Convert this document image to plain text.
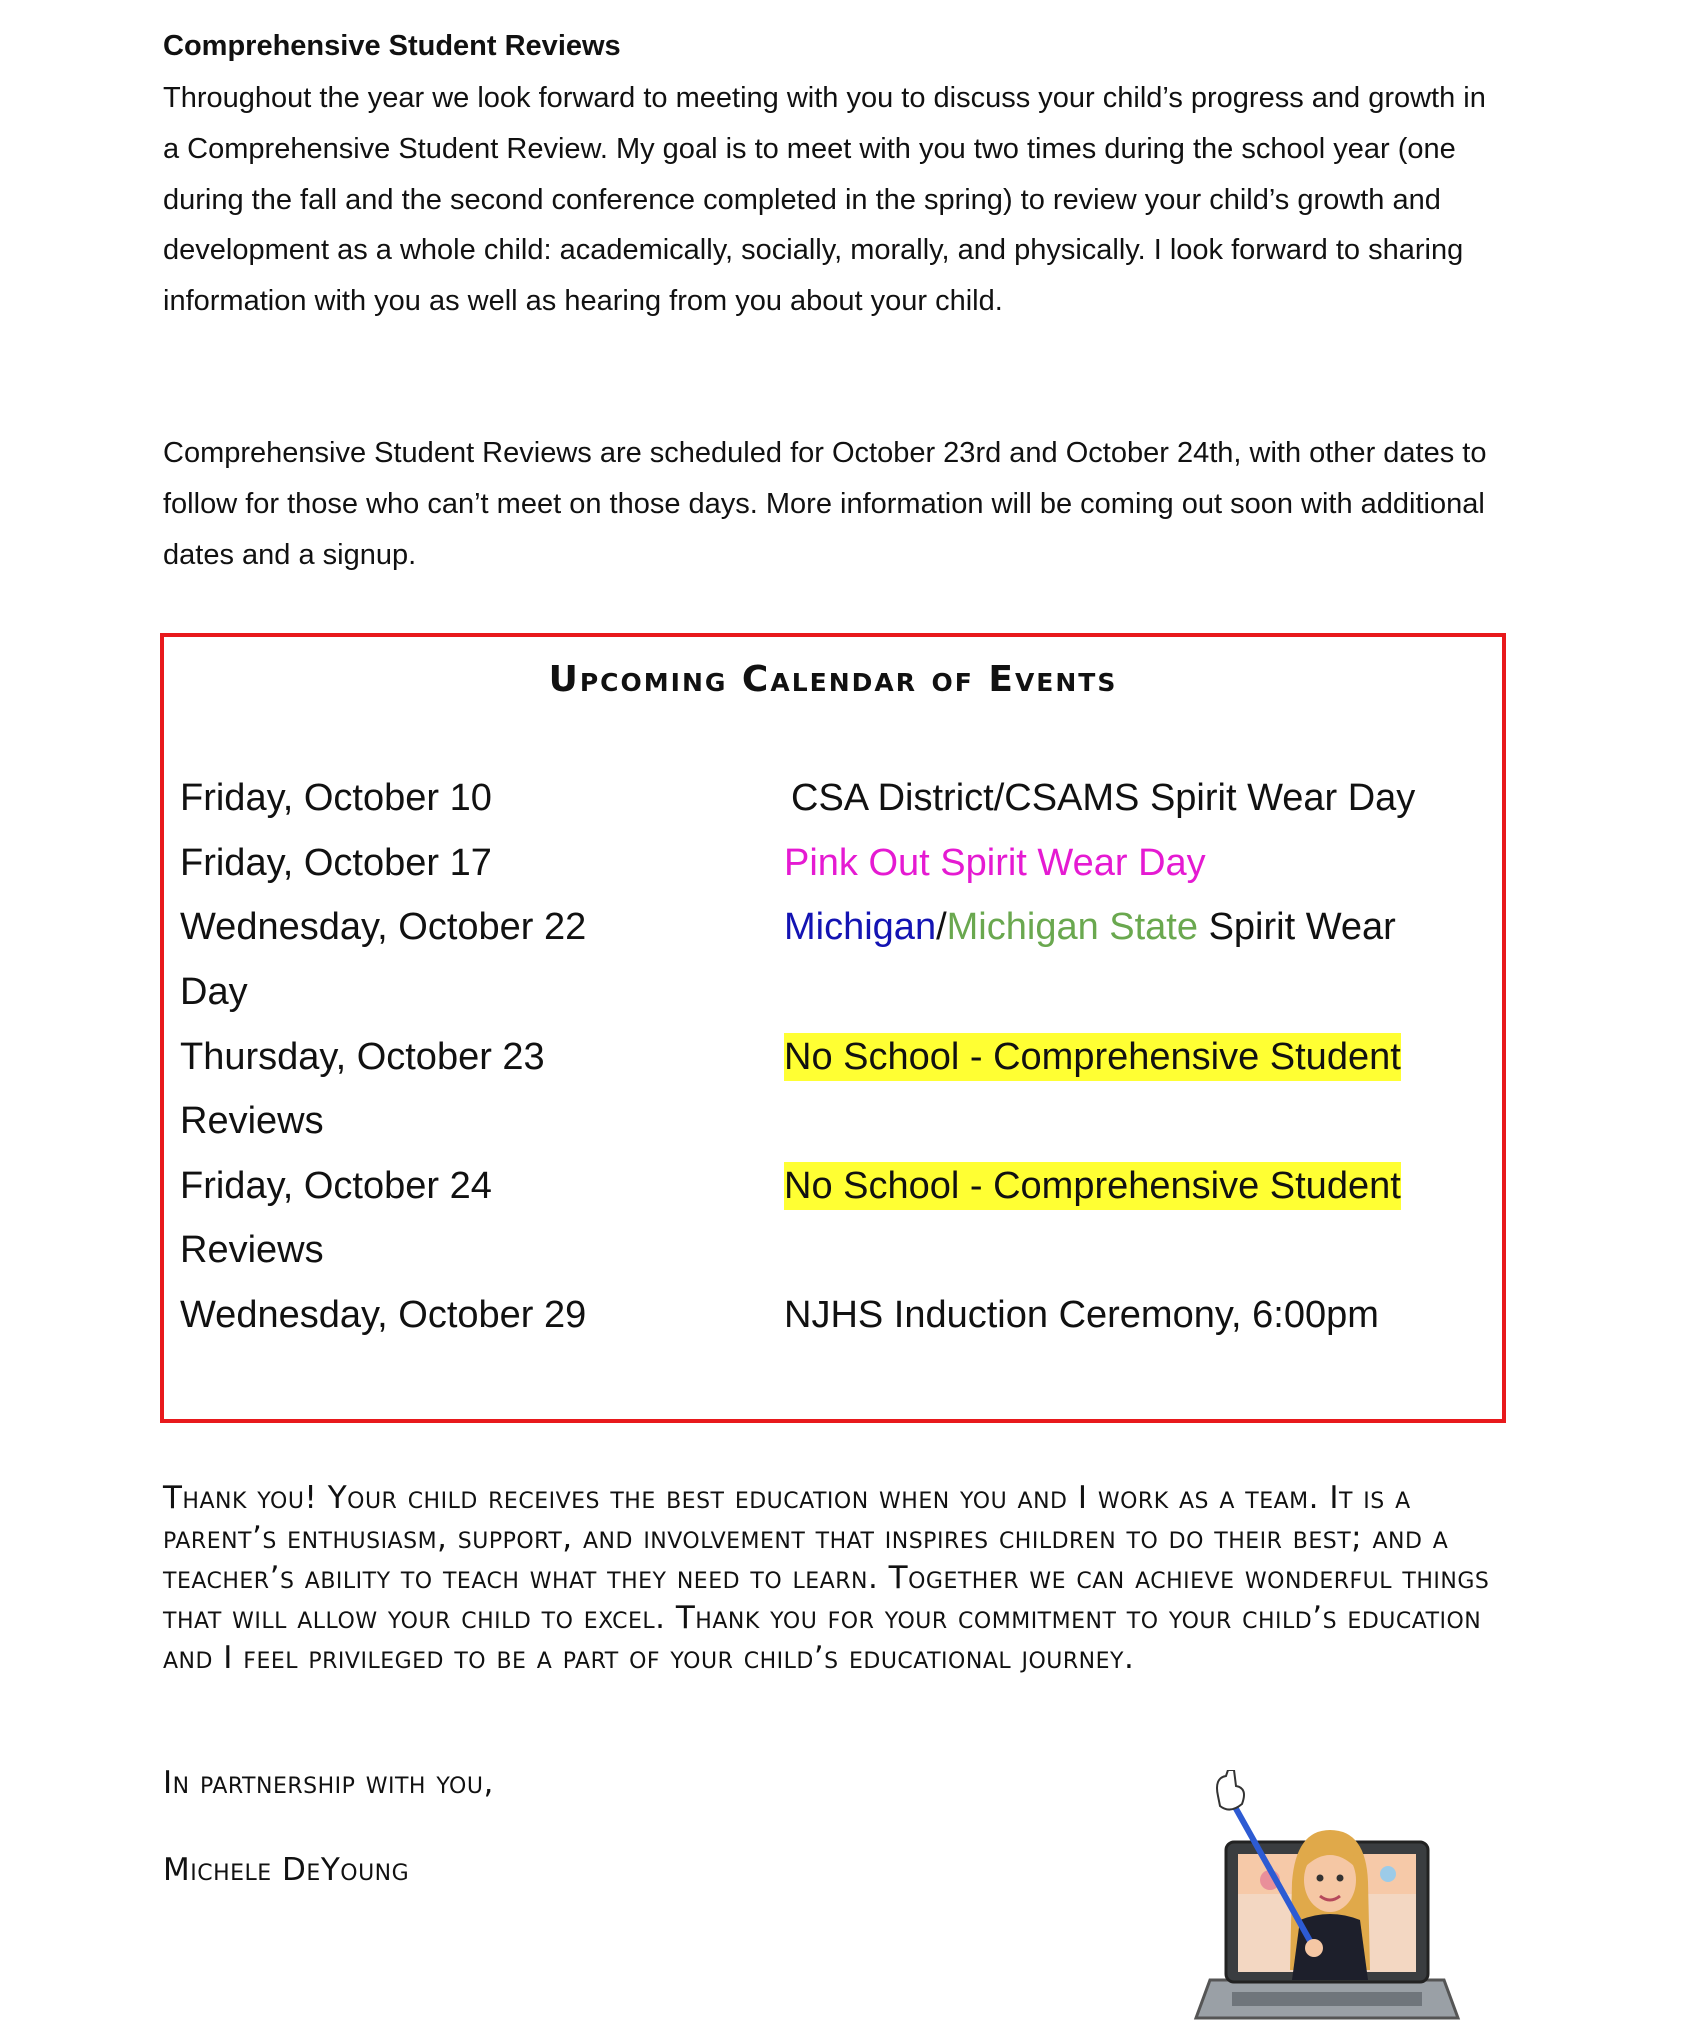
Comprehensive Student Reviews

Throughout the year we look forward to meeting with you to discuss your child’s progress and growth in a Comprehensive Student Review. My goal is to meet with you two times during the school year (one during the fall and the second conference completed in the spring) to review your child’s growth and development as a whole child: academically, socially, morally, and physically. I look forward to sharing information with you as well as hearing from you about your child.

Comprehensive Student Reviews are scheduled for October 23rd and October 24th, with other dates to follow for those who can’t meet on those days. More information will be coming out soon with additional dates and a signup.

Upcoming Calendar of Events
Friday, October 10	CSA District/CSAMS Spirit Wear Day
Friday, October 17	Pink Out Spirit Wear Day
Wednesday, October 22	Michigan/Michigan State Spirit Wear
Day
Thursday, October 23	No School - Comprehensive Student
Reviews
Friday, October 24	No School - Comprehensive Student
Reviews
Wednesday, October 29	NJHS Induction Ceremony, 6:00pm

Thank you! Your child receives the best education when you and I work as a team. It is a parent’s enthusiasm, support, and involvement that inspires children to do their best; and a teacher’s ability to teach what they need to learn. Together we can achieve wonderful things that will allow your child to excel. Thank you for your commitment to your child’s education and I feel privileged to be a part of your child’s educational journey.

In partnership with you,

Michele DeYoung
